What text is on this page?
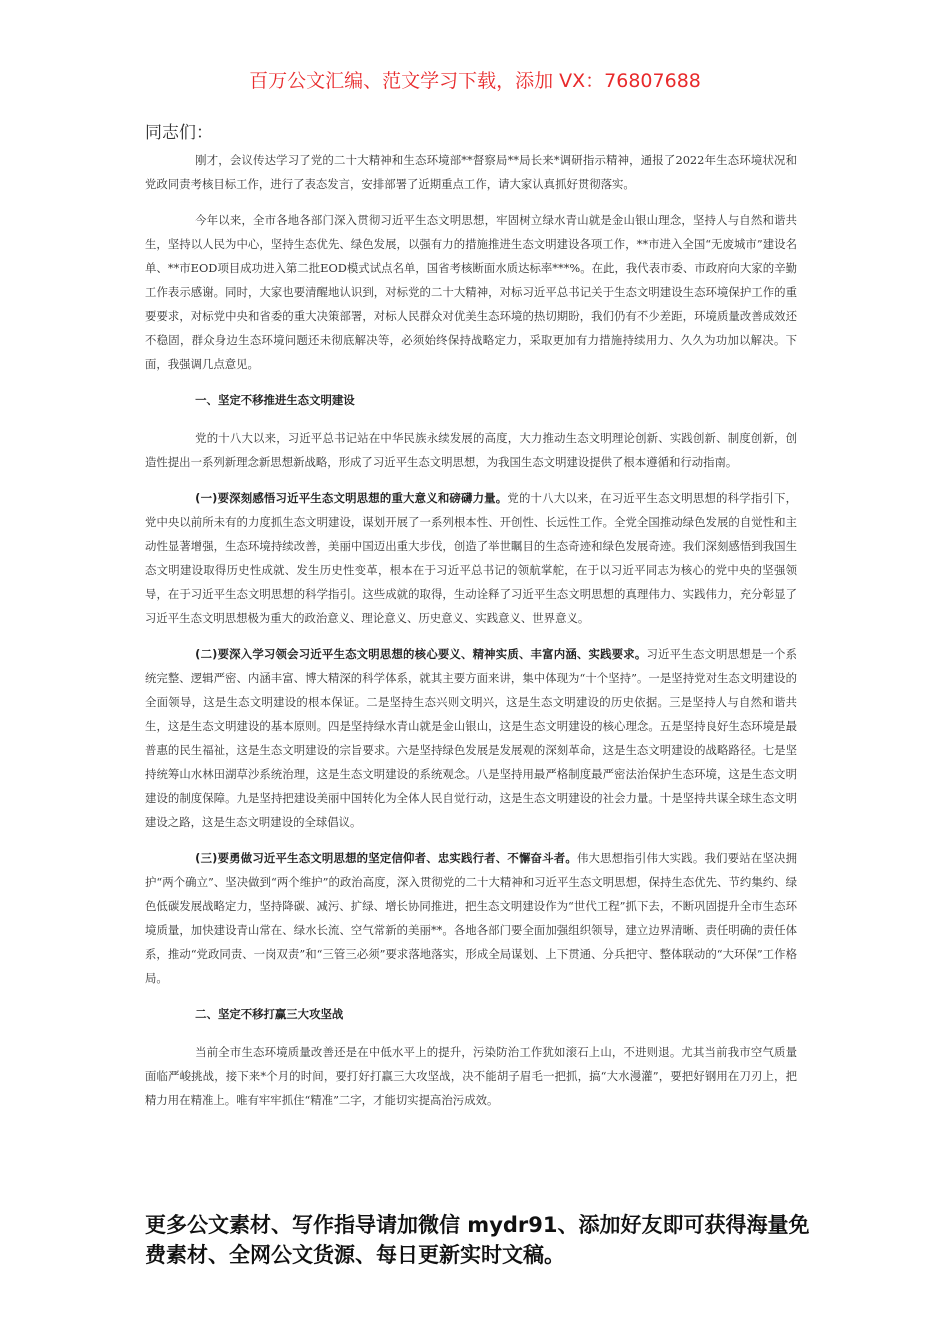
百万公文汇编、范文学习下载，添加 VX：76807688
同志们：

刚才，会议传达学习了党的二十大精神和生态环境部**督察局**局长来*调研指示精神，通报了2022年生态环境状况和党政同责考核目标工作，进行了表态发言，安排部署了近期重点工作，请大家认真抓好贯彻落实。

今年以来，全市各地各部门深入贯彻习近平生态文明思想，牢固树立绿水青山就是金山银山理念，坚持人与自然和谐共生，坚持以人民为中心，坚持生态优先、绿色发展，以强有力的措施推进生态文明建设各项工作，**市进入全国“无废城市”建设名单、**市EOD项目成功进入第二批EOD模式试点名单，国省考核断面水质达标率***%。在此，我代表市委、市政府向大家的辛勤工作表示感谢。同时，大家也要清醒地认识到，对标党的二十大精神，对标习近平总书记关于生态文明建设生态环境保护工作的重要要求，对标党中央和省委的重大决策部署，对标人民群众对优美生态环境的热切期盼，我们仍有不少差距，环境质量改善成效还不稳固，群众身边生态环境问题还未彻底解决等，必须始终保持战略定力，采取更加有力措施持续用力、久久为功加以解决。下面，我强调几点意见。

一、坚定不移推进生态文明建设

党的十八大以来，习近平总书记站在中华民族永续发展的高度，大力推动生态文明理论创新、实践创新、制度创新，创造性提出一系列新理念新思想新战略，形成了习近平生态文明思想，为我国生态文明建设提供了根本遵循和行动指南。

(一)要深刻感悟习近平生态文明思想的重大意义和磅礴力量。党的十八大以来，在习近平生态文明思想的科学指引下，党中央以前所未有的力度抓生态文明建设，谋划开展了一系列根本性、开创性、长远性工作。全党全国推动绿色发展的自觉性和主动性显著增强，生态环境持续改善，美丽中国迈出重大步伐，创造了举世瞩目的生态奇迹和绿色发展奇迹。我们深刻感悟到我国生态文明建设取得历史性成就、发生历史性变革，根本在于习近平总书记的领航掌舵，在于以习近平同志为核心的党中央的坚强领导，在于习近平生态文明思想的科学指引。这些成就的取得，生动诠释了习近平生态文明思想的真理伟力、实践伟力，充分彰显了习近平生态文明思想极为重大的政治意义、理论意义、历史意义、实践意义、世界意义。

(二)要深入学习领会习近平生态文明思想的核心要义、精神实质、丰富内涵、实践要求。习近平生态文明思想是一个系统完整、逻辑严密、内涵丰富、博大精深的科学体系，就其主要方面来讲，集中体现为“十个坚持”。一是坚持党对生态文明建设的全面领导，这是生态文明建设的根本保证。二是坚持生态兴则文明兴，这是生态文明建设的历史依据。三是坚持人与自然和谐共生，这是生态文明建设的基本原则。四是坚持绿水青山就是金山银山，这是生态文明建设的核心理念。五是坚持良好生态环境是最普惠的民生福祉，这是生态文明建设的宗旨要求。六是坚持绿色发展是发展观的深刻革命，这是生态文明建设的战略路径。七是坚持统筹山水林田湖草沙系统治理，这是生态文明建设的系统观念。八是坚持用最严格制度最严密法治保护生态环境，这是生态文明建设的制度保障。九是坚持把建设美丽中国转化为全体人民自觉行动，这是生态文明建设的社会力量。十是坚持共谋全球生态文明建设之路，这是生态文明建设的全球倡议。

(三)要勇做习近平生态文明思想的坚定信仰者、忠实践行者、不懈奋斗者。伟大思想指引伟大实践。我们要站在坚决拥护“两个确立”、坚决做到“两个维护”的政治高度，深入贯彻党的二十大精神和习近平生态文明思想，保持生态优先、节约集约、绿色低碳发展战略定力，坚持降碳、减污、扩绿、增长协同推进，把生态文明建设作为“世代工程”抓下去，不断巩固提升全市生态环境质量，加快建设青山常在、绿水长流、空气常新的美丽**。各地各部门要全面加强组织领导，建立边界清晰、责任明确的责任体系，推动“党政同责、一岗双责”和“三管三必须”要求落地落实，形成全局谋划、上下贯通、分兵把守、整体联动的“大环保”工作格局。

二、坚定不移打赢三大攻坚战

当前全市生态环境质量改善还是在中低水平上的提升，污染防治工作犹如滚石上山，不进则退。尤其当前我市空气质量面临严峻挑战，接下来*个月的时间，要打好打赢三大攻坚战，决不能胡子眉毛一把抓，搞“大水漫灌”，要把好钢用在刀刃上，把精力用在精准上。唯有牢牢抓住“精准”二字，才能切实提高治污成效。

更多公文素材、写作指导请加微信 mydr91、添加好友即可获得海量免费素材、全网公文货源、每日更新实时文稿。
